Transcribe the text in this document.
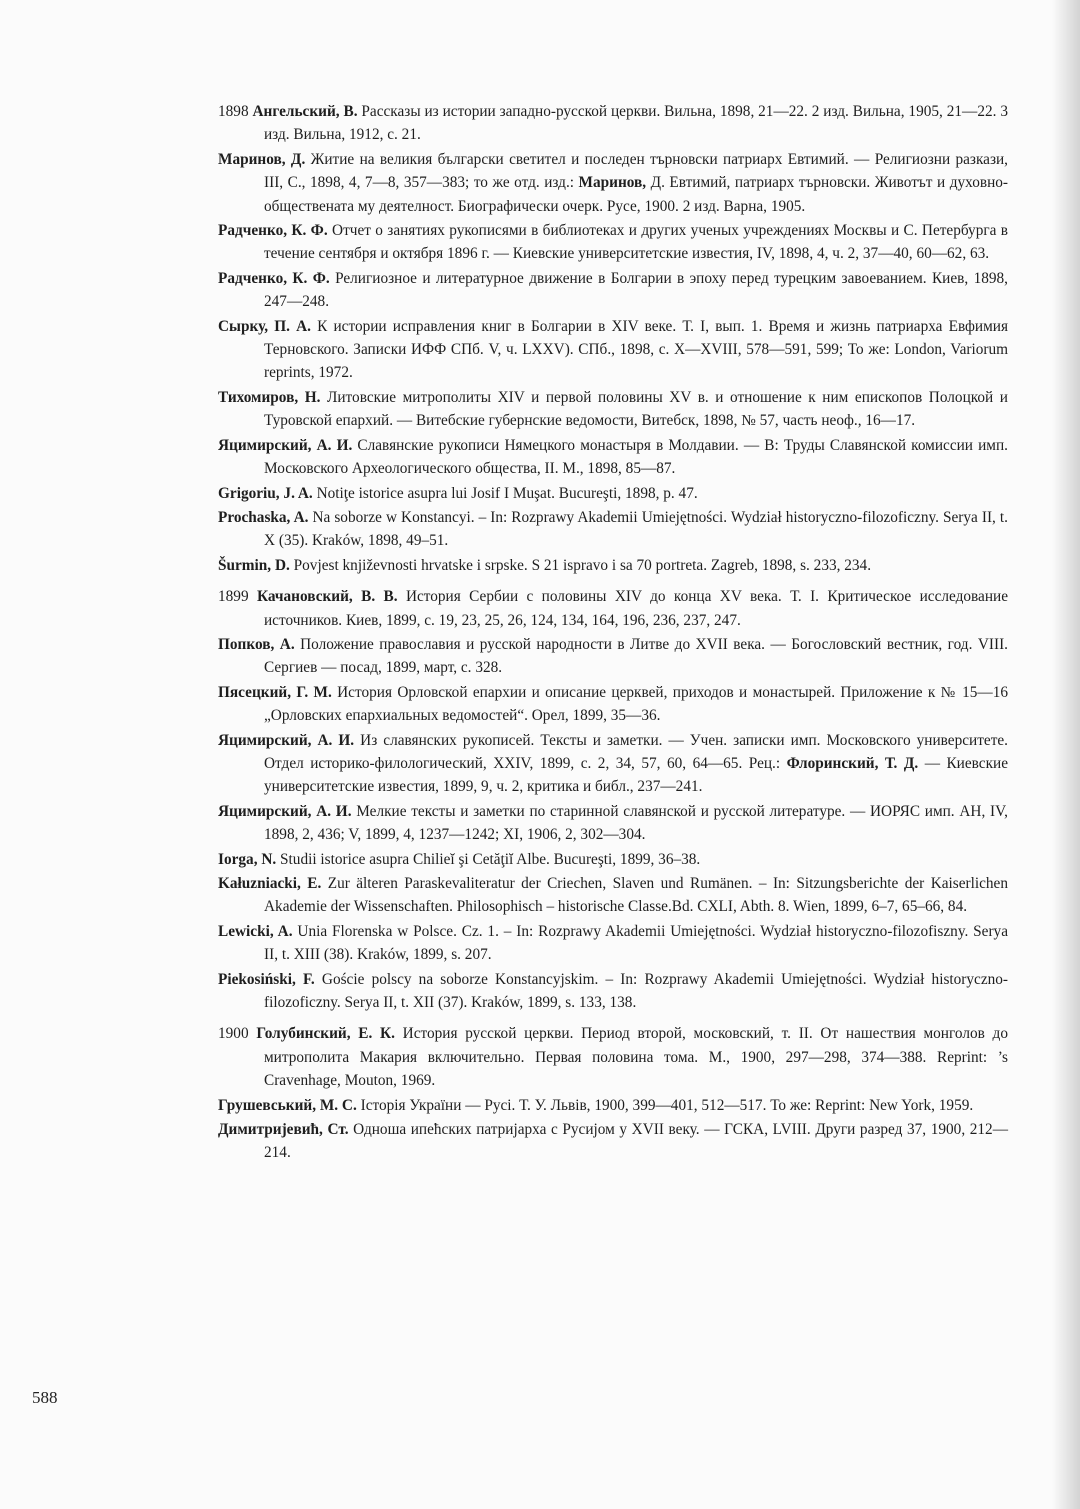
1898 Ангельский, В. Рассказы из истории западно-русской церкви. Вильна, 1898, 21—22. 2 изд. Вильна, 1905, 21—22. 3 изд. Вильна, 1912, с. 21.

Маринов, Д. Житие на великия български светител и последен търновски патриарх Евтимий. — Религиозни разкази, III, С., 1898, 4, 7—8, 357—383; то же отд. изд.: Маринов, Д. Евтимий, патриарх търновски. Животът и духовно-обществената му деятелност. Биографически очерк. Русе, 1900. 2 изд. Варна, 1905.

Радченко, К. Ф. Отчет о занятиях рукописями в библиотеках и других ученых учреждениях Москвы и С. Петербурга в течение сентября и октября 1896 г. — Киевские университетские известия, IV, 1898, 4, ч. 2, 37—40, 60—62, 63.

Радченко, К. Ф. Религиозное и литературное движение в Болгарии в эпоху перед турецким завоеванием. Киев, 1898, 247—248.

Сырку, П. А. К истории исправления книг в Болгарии в XIV веке. Т. I, вып. 1. Время и жизнь патриарха Евфимия Терновского. Записки ИФФ СПб. V, ч. LXXV). СПб., 1898, с. X—XVIII, 578—591, 599; То же: London, Variorum reprints, 1972.

Тихомиров, Н. Литовские митрополиты XIV и первой половины XV в. и отношение к ним епископов Полоцкой и Туровской епархий. — Витебские губернские ведомости, Витебск, 1898, № 57, часть неоф., 16—17.

Яцимирский, А. И. Славянские рукописи Нямецкого монастыря в Молдавии. — В: Труды Славянской комиссии имп. Московского Археологического общества, II. М., 1898, 85—87.

Grigoriu, J. A. Notiţe istorice asupra lui Josif I Muşat. Bucureşti, 1898, p. 47.

Prochaska, A. Na soborze w Konstancyi. – In: Rozprawy Akademii Umiejętności. Wydział historyczno-filozoficzny. Serya II, t. X (35). Kraków, 1898, 49–51.

Šurmin, D. Povjest književnosti hrvatske i srpske. S 21 ispravo i sa 70 portreta. Zagreb, 1898, s. 233, 234.

1899 Качановский, В. В. История Сербии с половины XIV до конца XV века. Т. I. Критическое исследование источников. Киев, 1899, с. 19, 23, 25, 26, 124, 134, 164, 196, 236, 237, 247.

Попков, А. Положение православия и русской народности в Литве до XVII века. — Богословский вестник, год. VIII. Сергиев — посад, 1899, март, с. 328.

Пясецкий, Г. М. История Орловской епархии и описание церквей, приходов и монастырей. Приложение к № 15—16 „Орловских епархиальных ведомостей“. Орел, 1899, 35—36.

Яцимирский, А. И. Из славянских рукописей. Тексты и заметки. — Учен. записки имп. Московского университете. Отдел историко-филологический, XXIV, 1899, с. 2, 34, 57, 60, 64—65. Рец.: Флоринский, Т. Д. — Киевские университетские известия, 1899, 9, ч. 2, критика и библ., 237—241.

Яцимирский, А. И. Мелкие тексты и заметки по старинной славянской и русской литературе. — ИОРЯС имп. АН, IV, 1898, 2, 436; V, 1899, 4, 1237—1242; XI, 1906, 2, 302—304.

Iorga, N. Studii istorice asupra Chilieĭ şi Cetăţiĭ Albe. Bucureşti, 1899, 36–38.

Kałuzniacki, E. Zur älteren Paraskevaliteratur der Criechen, Slaven und Rumänen. – In: Sitzungsberichte der Kaiserlichen Akademie der Wissenschaften. Philosophisch – historische Classe.Bd. CXLI, Abth. 8. Wien, 1899, 6–7, 65–66, 84.

Lewicki, A. Unia Florenska w Polsce. Cz. 1. – In: Rozprawy Akademii Umiejętności. Wydział historyczno-filozofiszny. Serya II, t. XIII (38). Kraków, 1899, s. 207.

Piekosiński, F. Goście polscy na soborze Konstancyjskim. – In: Rozprawy Akademii Umiejętności. Wydział historyczno-filozoficzny. Serya II, t. XII (37). Kraków, 1899, s. 133, 138.

1900 Голубинский, Е. К. История русской церкви. Период второй, московский, т. II. От нашествия монголов до митрополита Макария включительно. Первая половина тома. М., 1900, 297—298, 374—388. Reprint: ’s Cravenhage, Mouton, 1969.

Грушевський, М. С. Історія України — Русі. Т. У. Львів, 1900, 399—401, 512—517. То же: Reprint: New York, 1959.

Димитријевић, Ст. Одноша ипеħских патријарха с Русијом у XVII веку. — ГСКА, LVIII. Други разред 37, 1900, 212—214.

588
